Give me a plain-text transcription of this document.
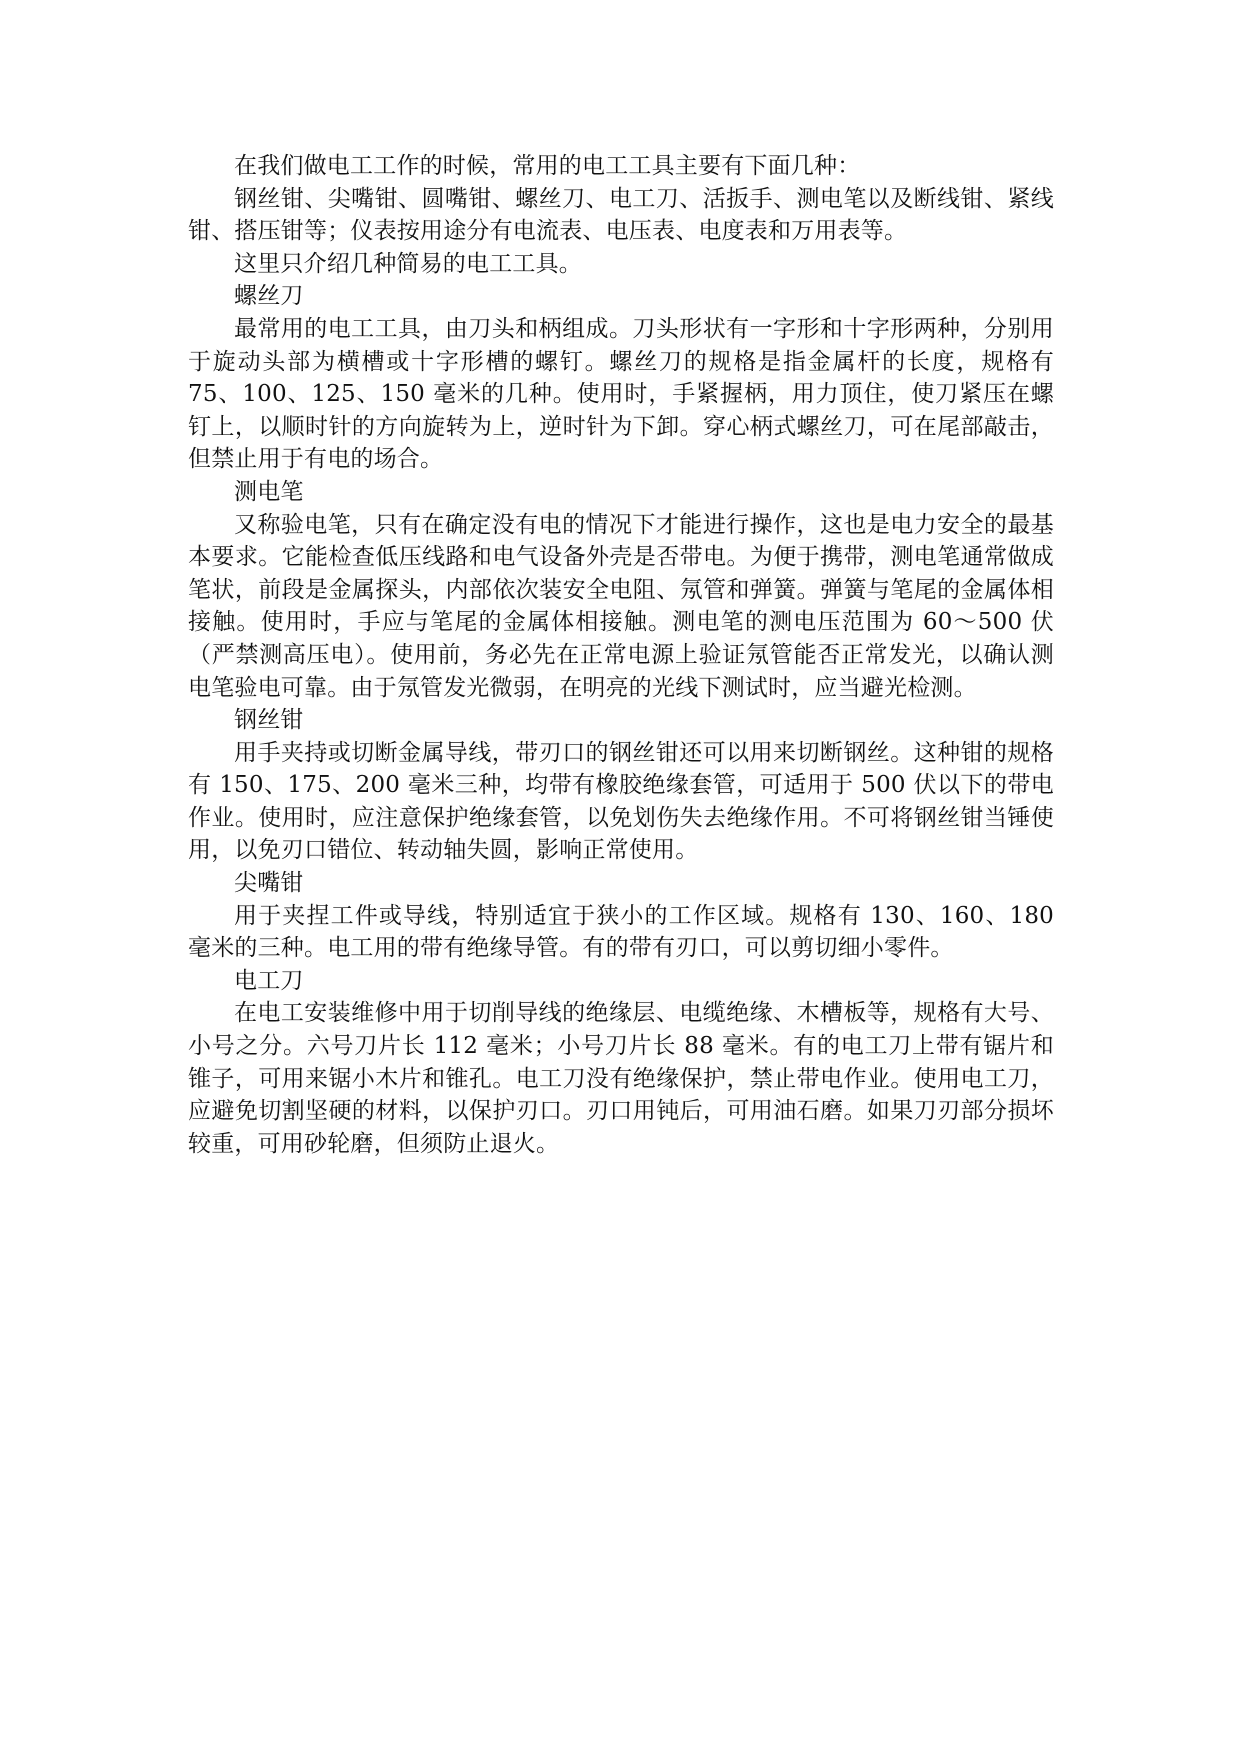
在我们做电工工作的时候，常用的电工工具主要有下面几种：

钢丝钳、尖嘴钳、圆嘴钳、螺丝刀、电工刀、活扳手、测电笔以及断线钳、紧线钳、搭压钳等；仪表按用途分有电流表、电压表、电度表和万用表等。

这里只介绍几种简易的电工工具。

螺丝刀

最常用的电工工具，由刀头和柄组成。刀头形状有一字形和十字形两种，分别用于旋动头部为横槽或十字形槽的螺钉。螺丝刀的规格是指金属杆的长度，规格有 75、100、125、150 毫米的几种。使用时，手紧握柄，用力顶住，使刀紧压在螺钉上，以顺时针的方向旋转为上，逆时针为下卸。穿心柄式螺丝刀，可在尾部敲击，但禁止用于有电的场合。

测电笔

又称验电笔，只有在确定没有电的情况下才能进行操作，这也是电力安全的最基本要求。它能检查低压线路和电气设备外壳是否带电。为便于携带，测电笔通常做成笔状，前段是金属探头，内部依次装安全电阻、氖管和弹簧。弹簧与笔尾的金属体相接触。使用时，手应与笔尾的金属体相接触。测电笔的测电压范围为 60～500 伏（严禁测高压电）。使用前，务必先在正常电源上验证氖管能否正常发光，以确认测电笔验电可靠。由于氖管发光微弱，在明亮的光线下测试时，应当避光检测。

钢丝钳

用手夹持或切断金属导线，带刃口的钢丝钳还可以用来切断钢丝。这种钳的规格有 150、175、200 毫米三种，均带有橡胶绝缘套管，可适用于 500 伏以下的带电作业。使用时，应注意保护绝缘套管，以免划伤失去绝缘作用。不可将钢丝钳当锤使用，以免刃口错位、转动轴失圆，影响正常使用。

尖嘴钳

用于夹捏工件或导线，特别适宜于狭小的工作区域。规格有 130、160、180 毫米的三种。电工用的带有绝缘导管。有的带有刃口，可以剪切细小零件。

电工刀

在电工安装维修中用于切削导线的绝缘层、电缆绝缘、木槽板等，规格有大号、小号之分。六号刀片长 112 毫米；小号刀片长 88 毫米。有的电工刀上带有锯片和锥子，可用来锯小木片和锥孔。电工刀没有绝缘保护，禁止带电作业。使用电工刀，应避免切割坚硬的材料，以保护刃口。刃口用钝后，可用油石磨。如果刀刃部分损坏较重，可用砂轮磨，但须防止退火。
